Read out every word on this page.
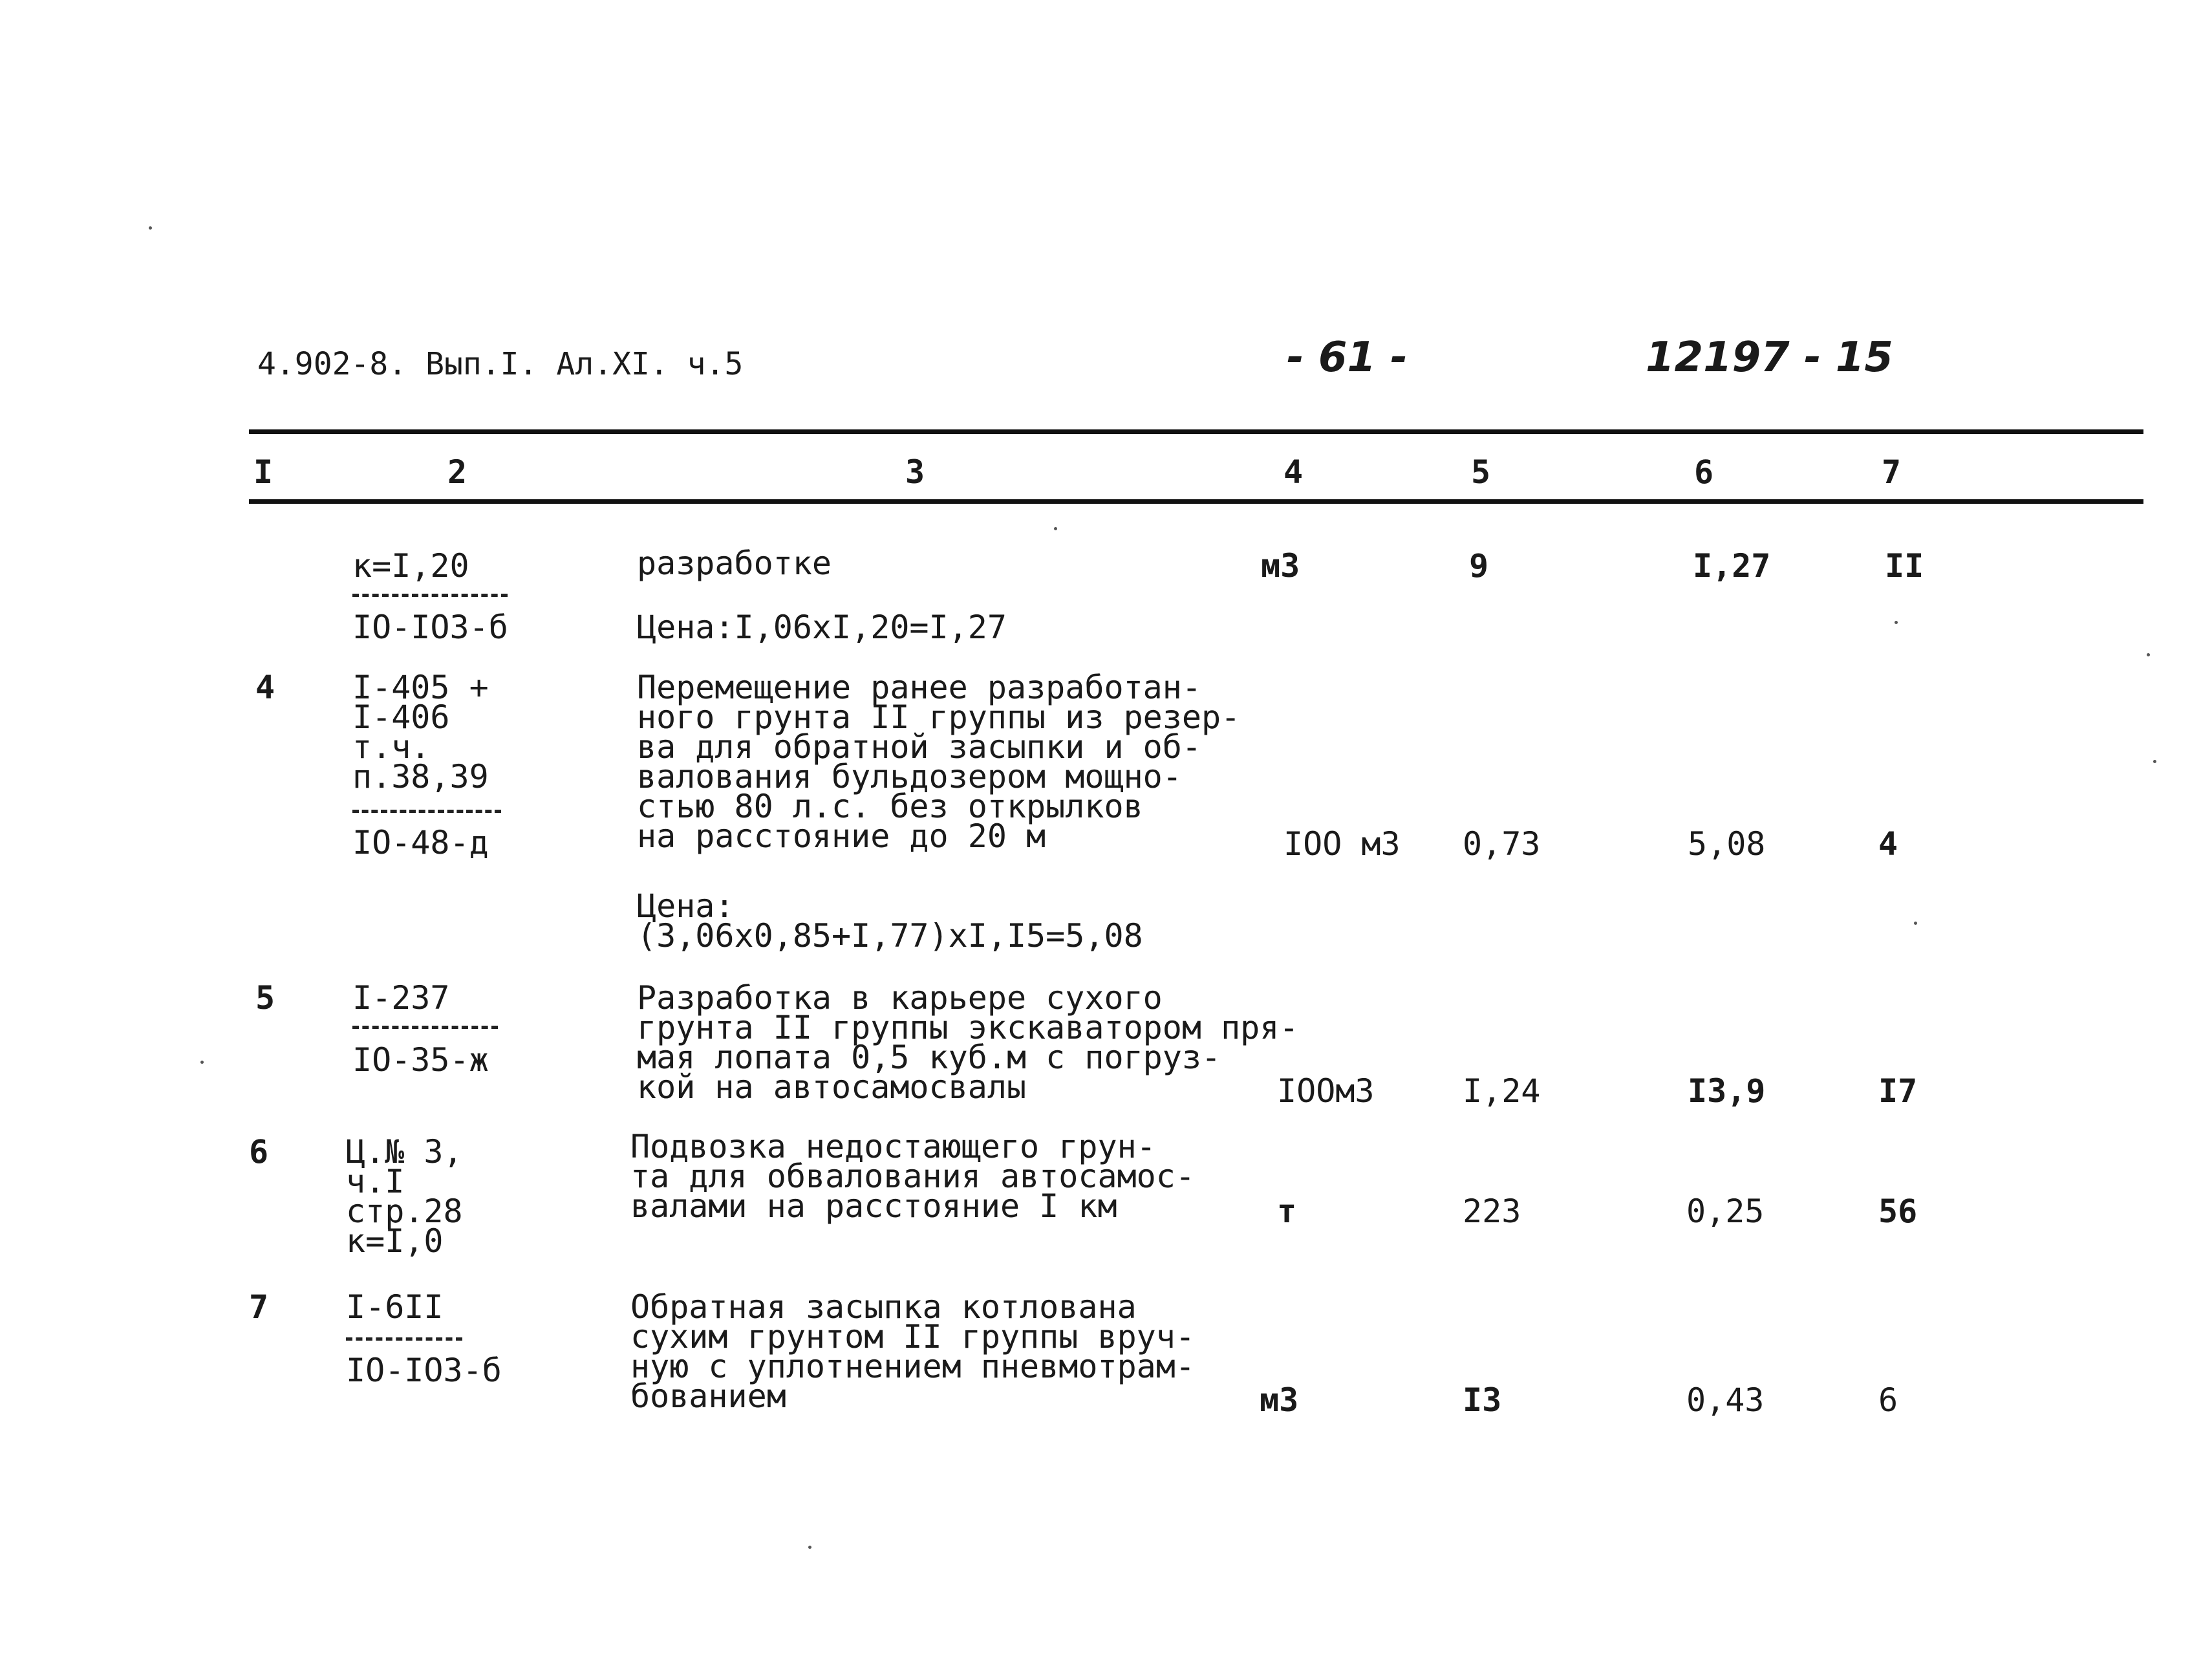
4.902-8. Вып.I. Ал.XI. ч.5	- 61 -	12197 - 15
I	2	3	4	5	6	7
к=I,20
IO-IO3-б
разработке
Цена:I,06хI,20=I,27
м3	9	I,27	II
4 I-405 +
I-406
т.ч.
п.38,39
IO-48-д
Перемещение ранее разработан-
ного грунта II группы из резер-
ва для обратной засыпки и об-
валования бульдозером мощно-
стью 80 л.с. без открылков
на расстояние до 20 м
Цена:
(3,06х0,85+I,77)хI,I5=5,08
IOO м3 0,73	5,08	4
5 I-237
IO-35-ж
Разработка в карьере сухого
грунта II группы экскаватором пря-
мая лопата 0,5 куб.м с погруз-
кой на автосамосвалы	IOOм3	I,24	I3,9	I7
6 Ц.№ 3,
ч.I
стр.28
к=I,0
Подвозка недостающего грун-
та для обвалования автосамос-
валами на расстояние I км	т	223	0,25	56
7 I-6II
IO-IO3-б
Обратная засыпка котлована
сухим грунтом II группы вруч-
ную с уплотнением пневмотрам-
бованием	м3	I3	0,43	6
